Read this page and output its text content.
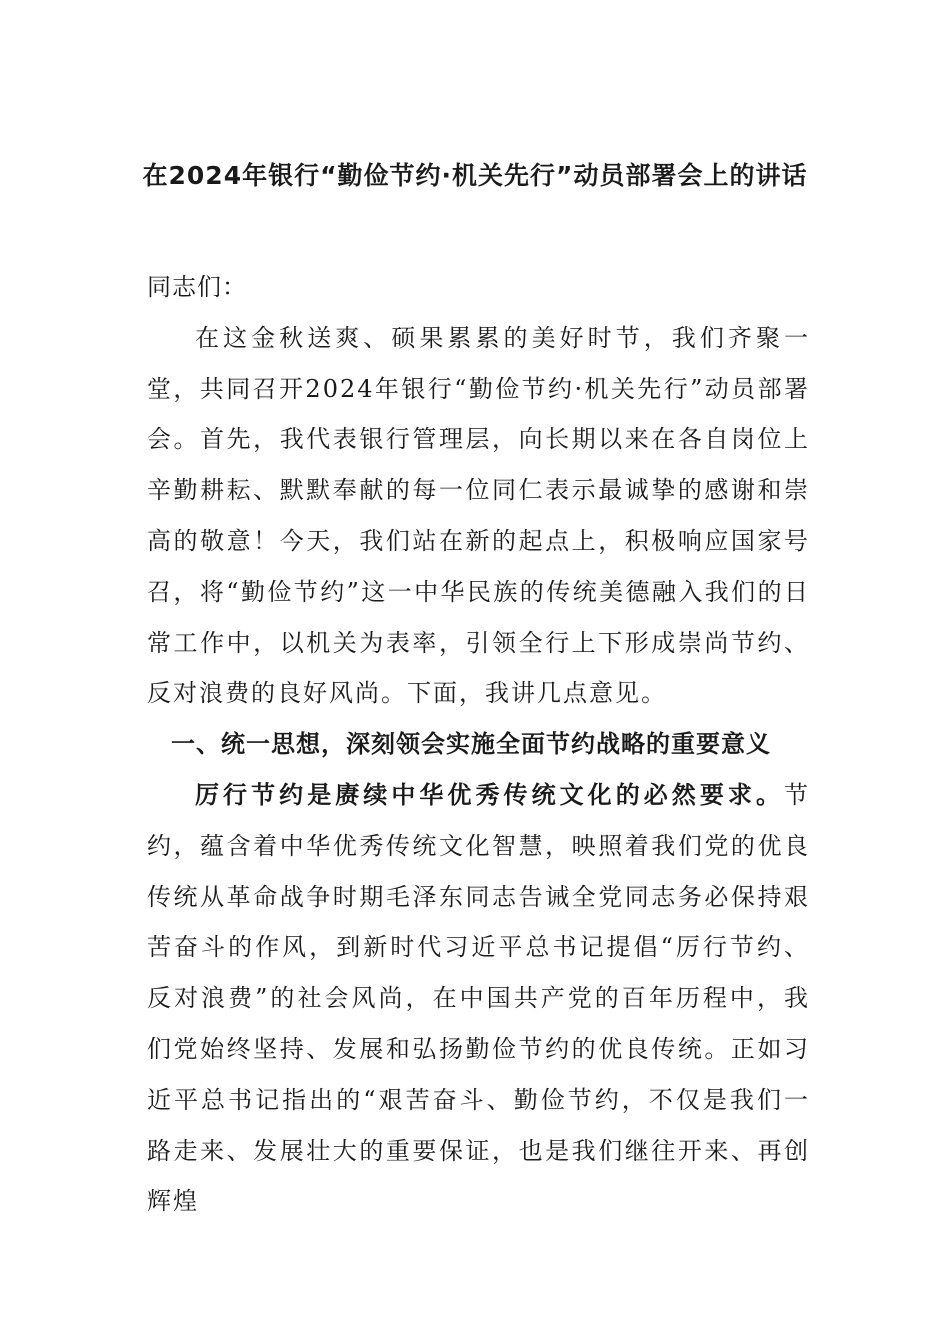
在2024年银行“勤俭节约·机关先行”动员部署会上的讲话

同志们：

在这金秋送爽、硕果累累的美好时节，我们齐聚一堂，共同召开2024年银行“勤俭节约·机关先行”动员部署会。首先，我代表银行管理层，向长期以来在各自岗位上辛勤耕耘、默默奉献的每一位同仁表示最诚挚的感谢和崇高的敬意！今天，我们站在新的起点上，积极响应国家号召，将“勤俭节约”这一中华民族的传统美德融入我们的日常工作中，以机关为表率，引领全行上下形成崇尚节约、反对浪费的良好风尚。下面，我讲几点意见。

一、统一思想，深刻领会实施全面节约战略的重要意义

厉行节约是赓续中华优秀传统文化的必然要求。节约，蕴含着中华优秀传统文化智慧，映照着我们党的优良传统从革命战争时期毛泽东同志告诫全党同志务必保持艰苦奋斗的作风，到新时代习近平总书记提倡“厉行节约、反对浪费”的社会风尚，在中国共产党的百年历程中，我们党始终坚持、发展和弘扬勤俭节约的优良传统。正如习近平总书记指出的“艰苦奋斗、勤俭节约，不仅是我们一路走来、发展壮大的重要保证，也是我们继往开来、再创辉煌
